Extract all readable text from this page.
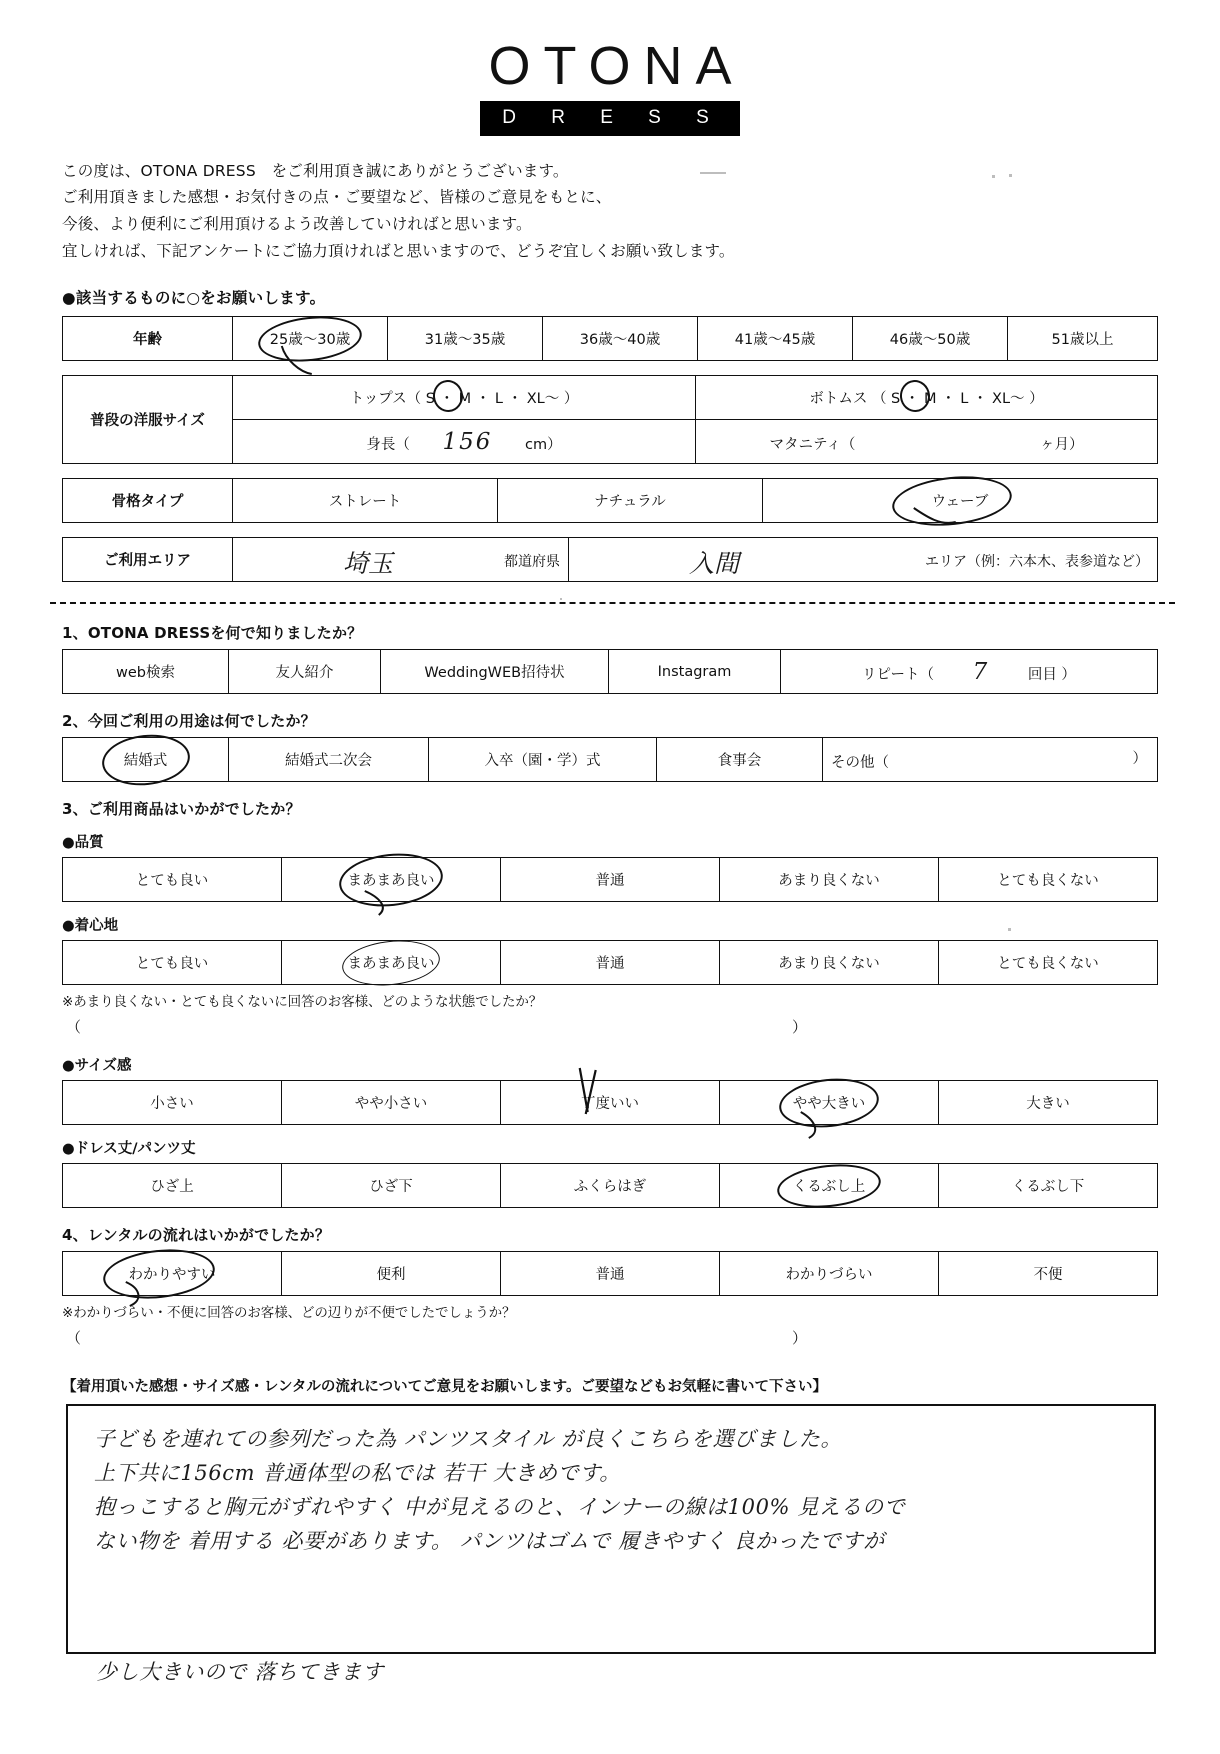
OTONA
D R E S S
この度は、OTONA DRESS　をご利用頂き誠にありがとうございます。
ご利用頂きました感想・お気付きの点・ご要望など、皆様のご意見をもとに、
今後、より便利にご利用頂けるよう改善していければと思います。
宜しければ、下記アンケートにご協力頂ければと思いますので、どうぞ宜しくお願い致します。
●該当するものに○をお願いします。
年齢	25歳〜30歳	31歳〜35歳	36歳〜40歳	41歳〜45歳	46歳〜50歳	51歳以上
普段の洋服サイズ	トップス（ S ・ M ・ L ・ XL〜 ）	ボトムス （ S ・ M ・ L ・ XL〜 ）

	身長（ 156 cm）	マタニティ（ ヶ月）
骨格タイプ	ストレート	ナチュラル	ウェーブ
ご利用エリア	埼玉	都道府県	入間	エリア（例：六本木、表参道など）
1、OTONA DRESSを何で知りましたか？
web検索	友人紹介	WeddingWEB招待状	Instagram	リピート（ 7	回目 ）
2、今回ご利用の用途は何でしたか？
結婚式	結婚式二次会	入卒（園・学）式	食事会	その他（	）
3、ご利用商品はいかがでしたか？
●品質
とても良い	まあまあ良い	普通	あまり良くない	とても良くない
●着心地
とても良い	まあまあ良い	普通	あまり良くない	とても良くない
※あまり良くない・とても良くないに回答のお客様、どのような状態でしたか？
（	）
●サイズ感
小さい	やや小さい	丁度いい	やや大きい	大きい
●ドレス丈/パンツ丈
ひざ上	ひざ下	ふくらはぎ	くるぶし上	くるぶし下
4、レンタルの流れはいかがでしたか？
わかりやすい	便利	普通	わかりづらい	不便
※わかりづらい・不便に回答のお客様、どの辺りが不便でしたでしょうか？
（	）
【着用頂いた感想・サイズ感・レンタルの流れについてご意見をお願いします。ご要望などもお気軽に書いて下さい】
子どもを連れての参列だった為 パンツスタイル が良くこちらを選びました。
上下共に156cm 普通体型の私では 若干 大きめです。
抱っこすると胸元がずれやすく 中が見えるのと、インナーの線は100% 見えるので
ない物を 着用する 必要があります。 パンツはゴムで 履きやすく 良かったですが
少し大きいので 落ちてきます
